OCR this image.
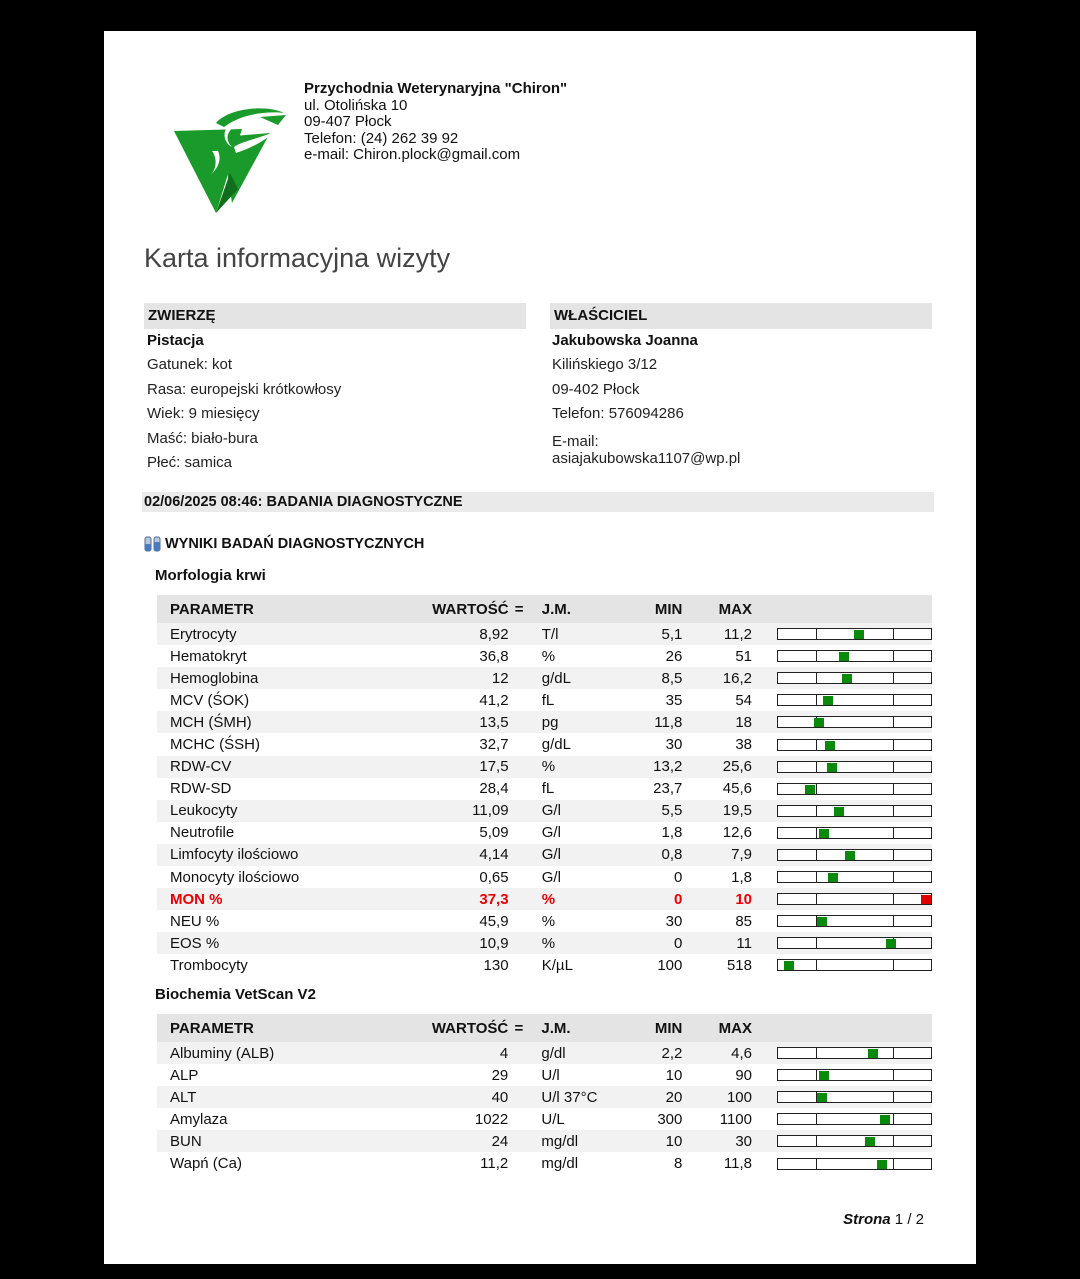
Przychodnia Weterynaryjna "Chiron"
ul. Otolińska 10
09-407 Płock
Telefon: (24) 262 39 92
e-mail: Chiron.plock@gmail.com
Karta informacyjna wizyty
ZWIERZĘ	WŁAŚCICIEL
Pistacja
Gatunek: kot
Rasa: europejski krótkowłosy
Wiek: 9 miesięcy
Maść: biało-bura
Płeć: samica
Jakubowska Joanna
Kilińskiego 3/12
09-402 Płock
Telefon: 576094286
E-mail:
asiajakubowska1107@wp.pl
02/06/2025 08:46: BADANIA DIAGNOSTYCZNE
WYNIKI BADAŃ DIAGNOSTYCZNYCH
Morfologia krwi
PARAMETR	WARTOŚĆ	=	J.M.	MIN	MAX	
Erytrocyty	8,92		T/l	5,1	11,2	

Hematokryt	36,8		%	26	51	

Hemoglobina	12		g/dL	8,5	16,2	

MCV (ŚOK)	41,2		fL	35	54	

MCH (ŚMH)	13,5		pg	11,8	18	

MCHC (ŚSH)	32,7		g/dL	30	38	

RDW-CV	17,5		%	13,2	25,6	

RDW-SD	28,4		fL	23,7	45,6	

Leukocyty	11,09		G/l	5,5	19,5	

Neutrofile	5,09		G/l	1,8	12,6	

Limfocyty ilościowo	4,14		G/l	0,8	7,9	

Monocyty ilościowo	0,65		G/l	0	1,8	

MON %	37,3		%	0	10	

NEU %	45,9		%	30	85	

EOS %	10,9		%	0	11	

Trombocyty	130		K/µL	100	518	
Biochemia VetScan V2
PARAMETR	WARTOŚĆ	=	J.M.	MIN	MAX	
Albuminy (ALB)	4		g/dl	2,2	4,6	

ALP	29		U/l	10	90	

ALT	40		U/l 37°C	20	100	

Amylaza	1022		U/L	300	1100	

BUN	24		mg/dl	10	30	

Wapń (Ca)	11,2		mg/dl	8	11,8	
Strona 1 / 2
